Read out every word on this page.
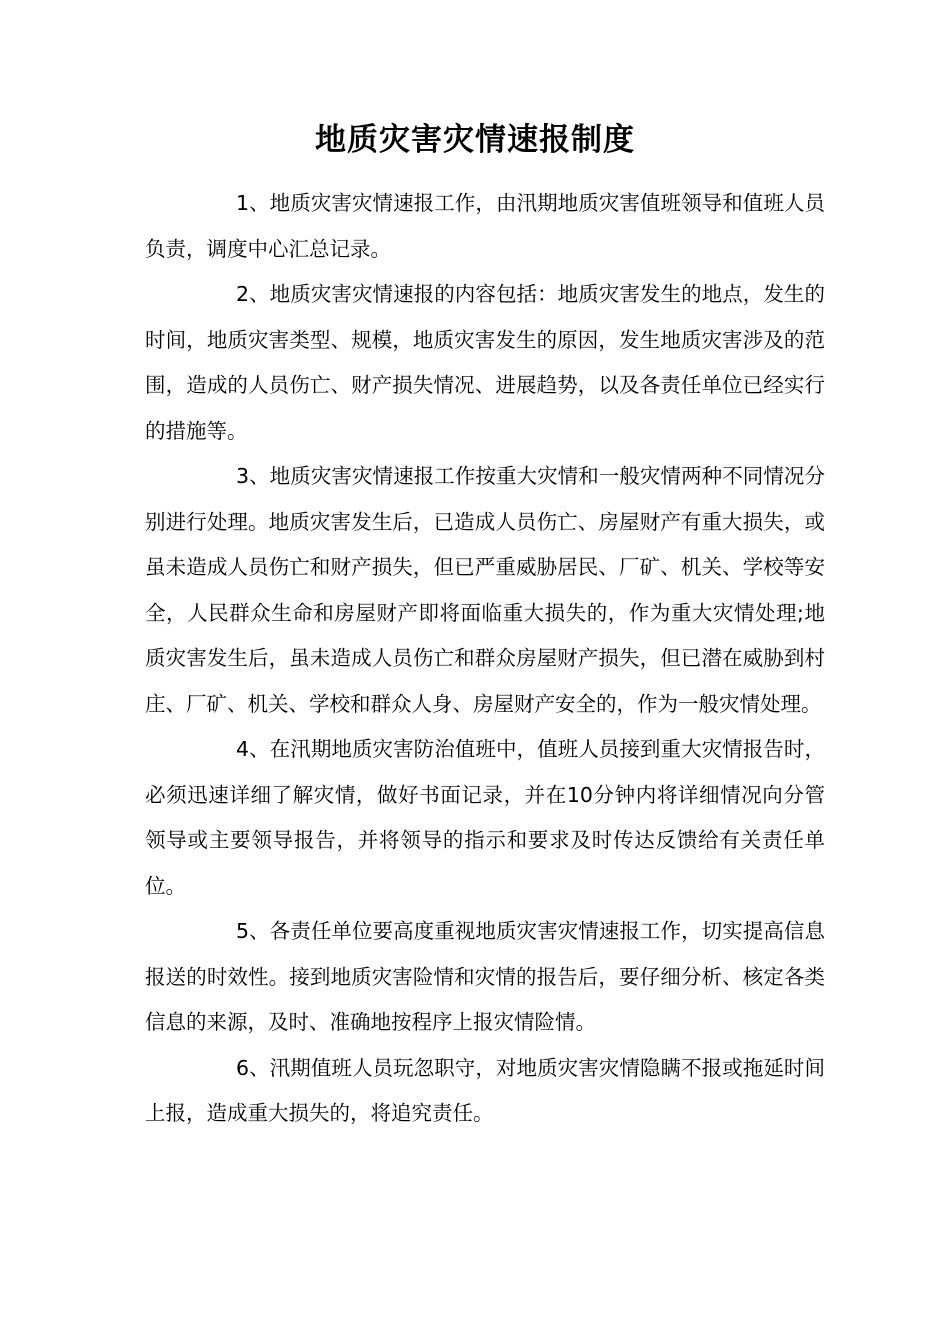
地质灾害灾情速报制度

1、地质灾害灾情速报工作，由汛期地质灾害值班领导和值班人员负责，调度中心汇总记录。

2、地质灾害灾情速报的内容包括：地质灾害发生的地点，发生的时间，地质灾害类型、规模，地质灾害发生的原因，发生地质灾害涉及的范围，造成的人员伤亡、财产损失情况、进展趋势，以及各责任单位已经实行的措施等。

3、地质灾害灾情速报工作按重大灾情和一般灾情两种不同情况分别进行处理。地质灾害发生后，已造成人员伤亡、房屋财产有重大损失，或虽未造成人员伤亡和财产损失，但已严重威胁居民、厂矿、机关、学校等安全，人民群众生命和房屋财产即将面临重大损失的，作为重大灾情处理;地质灾害发生后，虽未造成人员伤亡和群众房屋财产损失，但已潜在威胁到村庄、厂矿、机关、学校和群众人身、房屋财产安全的，作为一般灾情处理。

4、在汛期地质灾害防治值班中，值班人员接到重大灾情报告时，必须迅速详细了解灾情，做好书面记录，并在10分钟内将详细情况向分管领导或主要领导报告，并将领导的指示和要求及时传达反馈给有关责任单位。

5、各责任单位要高度重视地质灾害灾情速报工作，切实提高信息报送的时效性。接到地质灾害险情和灾情的报告后，要仔细分析、核定各类信息的来源，及时、准确地按程序上报灾情险情。

6、汛期值班人员玩忽职守，对地质灾害灾情隐瞒不报或拖延时间上报，造成重大损失的，将追究责任。
